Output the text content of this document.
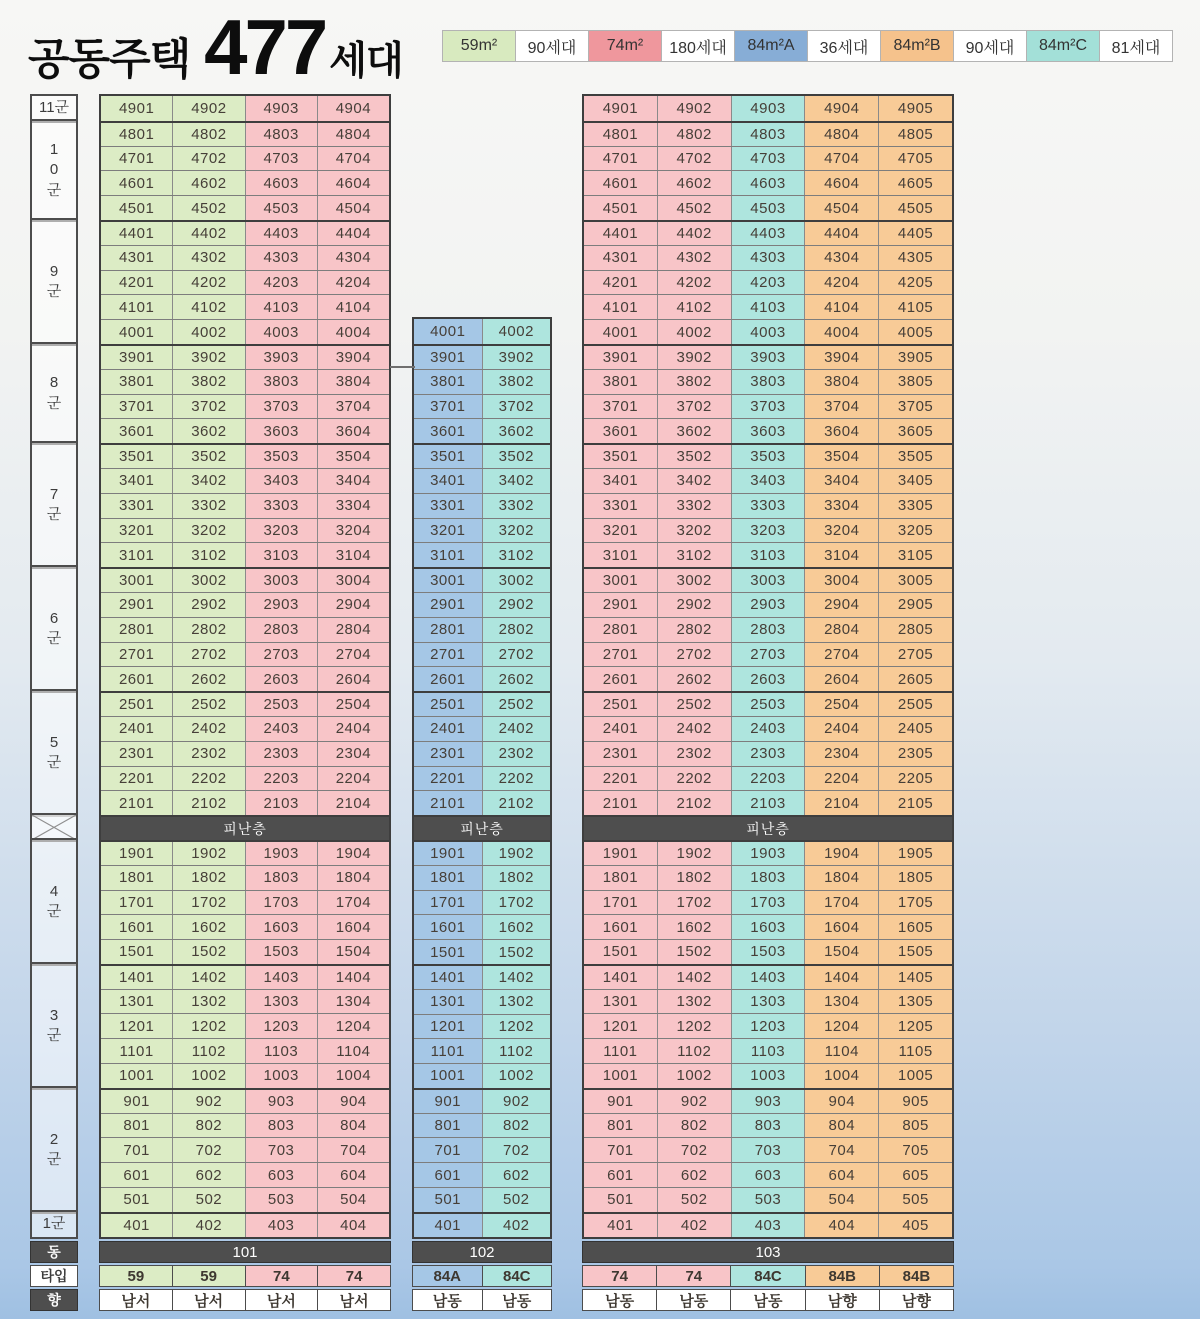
공동주택 477 세대	59m²	90세대	74m²	180세대	84m²A	36세대	84m²B	90세대	84m²C	81세대
11군
1
0
군
9
군
8
군
7
군
6
군
5
군
4
군
3
군
2
군
1군
동
타입
향
4901	4902	4903	4904
4801	4802	4803	4804
4701	4702	4703	4704
4601	4602	4603	4604
4501	4502	4503	4504
4401	4402	4403	4404
4301	4302	4303	4304
4201	4202	4203	4204
4101	4102	4103	4104
4001	4002	4003	4004
3901	3902	3903	3904
3801	3802	3803	3804
3701	3702	3703	3704
3601	3602	3603	3604
3501	3502	3503	3504
3401	3402	3403	3404
3301	3302	3303	3304
3201	3202	3203	3204
3101	3102	3103	3104
3001	3002	3003	3004
2901	2902	2903	2904
2801	2802	2803	2804
2701	2702	2703	2704
2601	2602	2603	2604
2501	2502	2503	2504
2401	2402	2403	2404
2301	2302	2303	2304
2201	2202	2203	2204
2101	2102	2103	2104
피난층
1901	1902	1903	1904
1801	1802	1803	1804
1701	1702	1703	1704
1601	1602	1603	1604
1501	1502	1503	1504
1401	1402	1403	1404
1301	1302	1303	1304
1201	1202	1203	1204
1101	1102	1103	1104
1001	1002	1003	1004
901	902	903	904
801	802	803	804
701	702	703	704
601	602	603	604
501	502	503	504
401	402	403	404
101
59	59	74	74
남서	남서	남서	남서
4001	4002
3901	3902
3801	3802
3701	3702
3601	3602
3501	3502
3401	3402
3301	3302
3201	3202
3101	3102
3001	3002
2901	2902
2801	2802
2701	2702
2601	2602
2501	2502
2401	2402
2301	2302
2201	2202
2101	2102
피난층
1901	1902
1801	1802
1701	1702
1601	1602
1501	1502
1401	1402
1301	1302
1201	1202
1101	1102
1001	1002
901	902
801	802
701	702
601	602
501	502
401	402
102
84A	84C
남동	남동
4901	4902	4903	4904	4905
4801	4802	4803	4804	4805
4701	4702	4703	4704	4705
4601	4602	4603	4604	4605
4501	4502	4503	4504	4505
4401	4402	4403	4404	4405
4301	4302	4303	4304	4305
4201	4202	4203	4204	4205
4101	4102	4103	4104	4105
4001	4002	4003	4004	4005
3901	3902	3903	3904	3905
3801	3802	3803	3804	3805
3701	3702	3703	3704	3705
3601	3602	3603	3604	3605
3501	3502	3503	3504	3505
3401	3402	3403	3404	3405
3301	3302	3303	3304	3305
3201	3202	3203	3204	3205
3101	3102	3103	3104	3105
3001	3002	3003	3004	3005
2901	2902	2903	2904	2905
2801	2802	2803	2804	2805
2701	2702	2703	2704	2705
2601	2602	2603	2604	2605
2501	2502	2503	2504	2505
2401	2402	2403	2404	2405
2301	2302	2303	2304	2305
2201	2202	2203	2204	2205
2101	2102	2103	2104	2105
피난층
1901	1902	1903	1904	1905
1801	1802	1803	1804	1805
1701	1702	1703	1704	1705
1601	1602	1603	1604	1605
1501	1502	1503	1504	1505
1401	1402	1403	1404	1405
1301	1302	1303	1304	1305
1201	1202	1203	1204	1205
1101	1102	1103	1104	1105
1001	1002	1003	1004	1005
901	902	903	904	905
801	802	803	804	805
701	702	703	704	705
601	602	603	604	605
501	502	503	504	505
401	402	403	404	405
103
74	74	84C	84B	84B
남동	남동	남동	남향	남향
